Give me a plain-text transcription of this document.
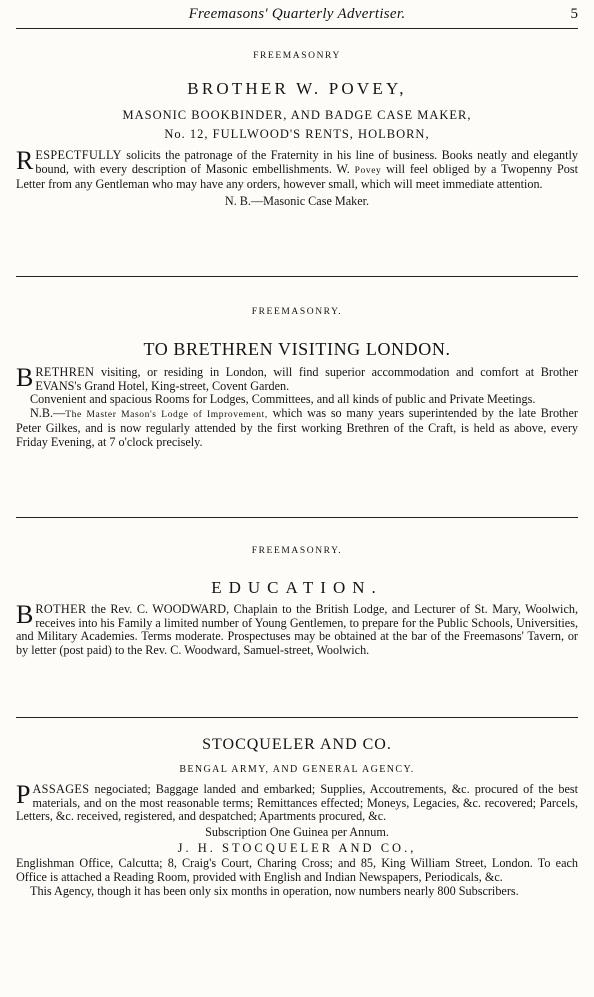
Freemasons' Quarterly Advertiser.	5
FREEMASONRY
BROTHER W. POVEY,
MASONIC BOOKBINDER, AND BADGE CASE MAKER,
No. 12, FULLWOOD'S RENTS, HOLBORN,

R ESPECTFULLY solicits the patronage of the Fraternity in his line of business. Books neatly and elegantly bound, with every description of Masonic embellishments. W. Povey will feel obliged by a Twopenny Post Letter from any Gentleman who may have any orders, however small, which will meet immediate attention.

N. B.—Masonic Case Maker.

FREEMASONRY.
TO BRETHREN VISITING LONDON.

B RETHREN visiting, or residing in London, will find superior accommodation and comfort at Brother EVANS's Grand Hotel, King-street, Covent Garden.

Convenient and spacious Rooms for Lodges, Committees, and all kinds of public and Private Meetings.

N.B.—The Master Mason's Lodge of Improvement, which was so many years superintended by the late Brother Peter Gilkes, and is now regularly attended by the first working Brethren of the Craft, is held as above, every Friday Evening, at 7 o'clock precisely.

FREEMASONRY.
EDUCATION.

B ROTHER the Rev. C. WOODWARD, Chaplain to the British Lodge, and Lecturer of St. Mary, Woolwich, receives into his Family a limited number of Young Gentlemen, to prepare for the Public Schools, Universities, and Military Academies. Terms moderate. Prospectuses may be obtained at the bar of the Freemasons' Tavern, or by letter (post paid) to the Rev. C. Woodward, Samuel-street, Woolwich.

STOCQUELER AND CO.
BENGAL ARMY, AND GENERAL AGENCY.

P ASSAGES negociated; Baggage landed and embarked; Supplies, Accoutrements, &c. procured of the best materials, and on the most reasonable terms; Remittances effected; Moneys, Legacies, &c. recovered; Parcels, Letters, &c. received, registered, and despatched; Apartments procured, &c.

Subscription One Guinea per Annum.

J. H. STOCQUELER AND CO.,

Englishman Office, Calcutta; 8, Craig's Court, Charing Cross; and 85, King William Street, London. To each Office is attached a Reading Room, provided with English and Indian Newspapers, Periodicals, &c.

This Agency, though it has been only six months in operation, now numbers nearly 800 Subscribers.
